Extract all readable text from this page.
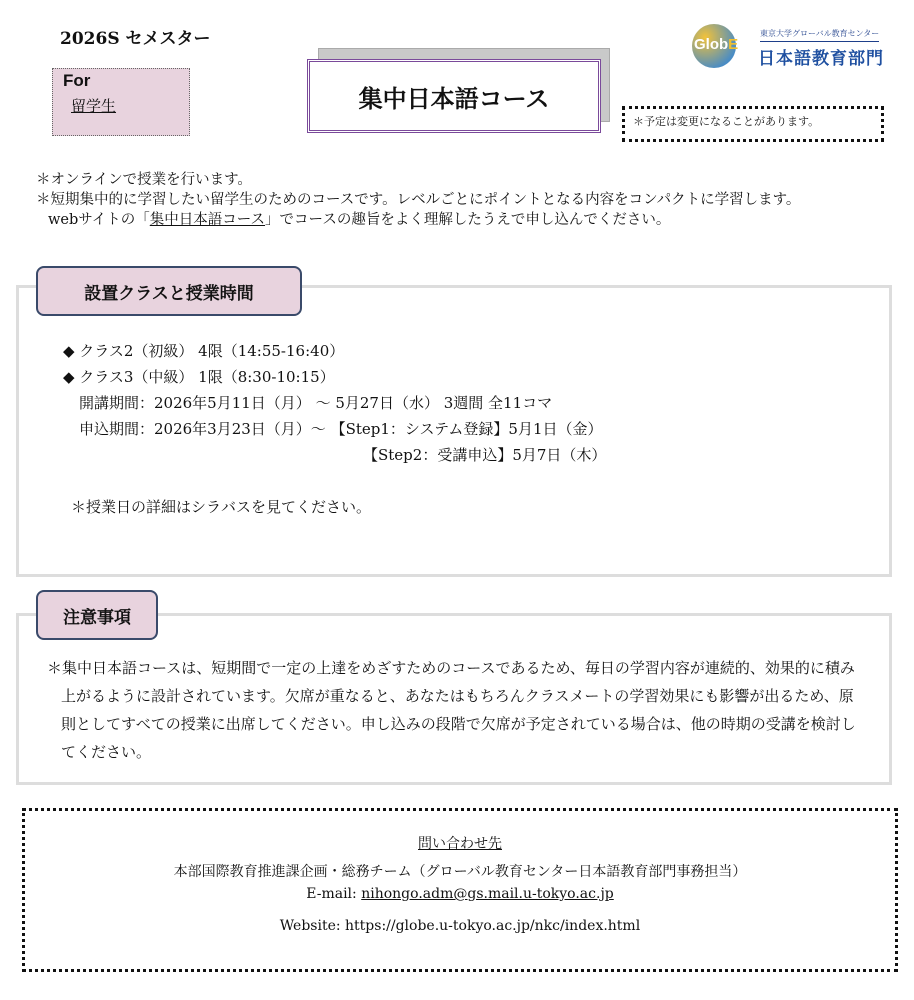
2026S セメスター
For
留学生	集中日本語コース
GlobE
東京大学グローバル教育センター
日本語教育部門
＊予定は変更になることがあります。
＊オンラインで授業を行います。
＊短期集中的に学習したい留学生のためのコースです。レベルごとにポイントとなる内容をコンパクトに学習します。
webサイトの「集中日本語コース」でコースの趣旨をよく理解したうえで申し込んでください。
◆ クラス2（初級） 4限（14:55-16:40）
◆ クラス3（中級） 1限（8:30-10:15）
開講期間：2026年5月11日（月） ～ 5月27日（水） 3週間 全11コマ
申込期間：2026年3月23日（月）～ 【Step1：システム登録】5月1日（金）
【Step2：受講申込】5月7日（木）
＊授業日の詳細はシラバスを見てください。
設置クラスと授業時間
＊集中日本語コースは、短期間で一定の上達をめざすためのコースであるため、毎日の学習内容が連続的、効果的に積み上がるように設計されています。欠席が重なると、あなたはもちろんクラスメートの学習効果にも影響が出るため、原則としてすべての授業に出席してください。申し込みの段階で欠席が予定されている場合は、他の時期の受講を検討してください。
注意事項
問い合わせ先
本部国際教育推進課企画・総務チーム（グローバル教育センター日本語教育部門事務担当）
E-mail: nihongo.adm@gs.mail.u-tokyo.ac.jp
Website: https://globe.u-tokyo.ac.jp/nkc/index.html
